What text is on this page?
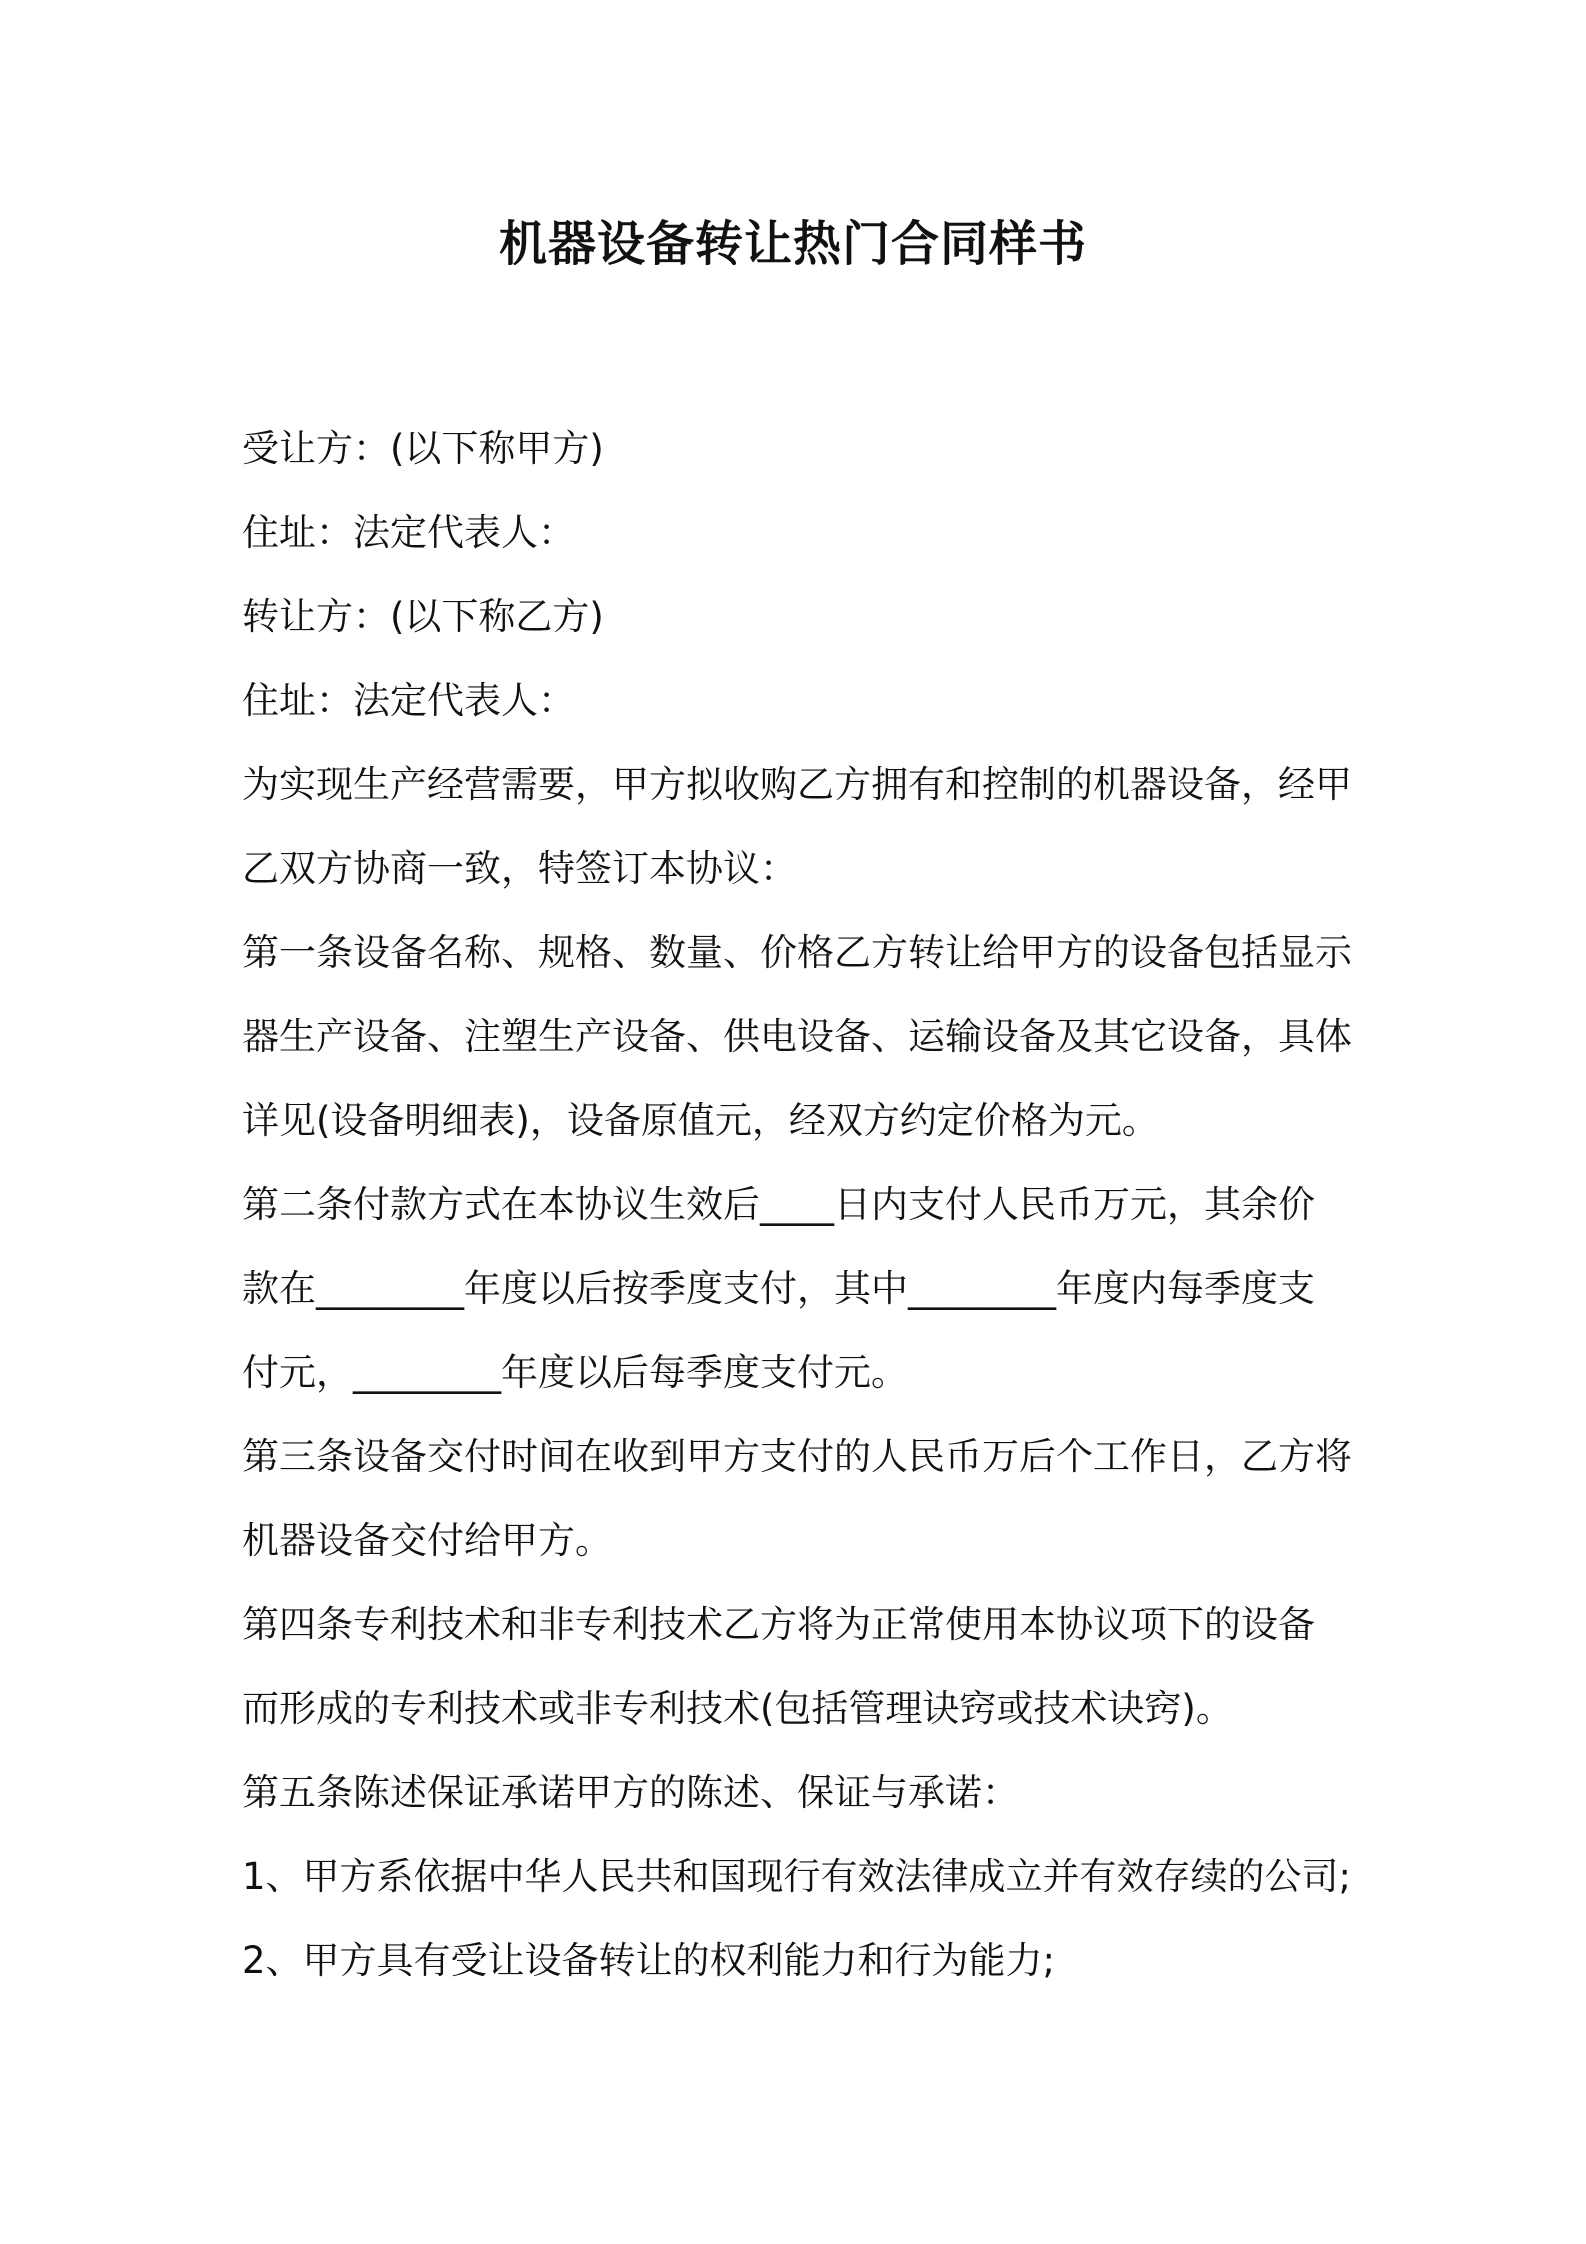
机器设备转让热门合同样书

受让方：(以下称甲方)

住址：法定代表人：

转让方：(以下称乙方)

住址：法定代表人：

为实现生产经营需要，甲方拟收购乙方拥有和控制的机器设备，经甲

乙双方协商一致，特签订本协议：

第一条设备名称、规格、数量、价格乙方转让给甲方的设备包括显示

器生产设备、注塑生产设备、供电设备、运输设备及其它设备，具体

详见(设备明细表)，设备原值元，经双方约定价格为元。

第二条付款方式在本协议生效后____日内支付人民币万元，其余价

款在________年度以后按季度支付，其中________年度内每季度支

付元，________年度以后每季度支付元。

第三条设备交付时间在收到甲方支付的人民币万后个工作日，乙方将

机器设备交付给甲方。

第四条专利技术和非专利技术乙方将为正常使用本协议项下的设备

而形成的专利技术或非专利技术(包括管理诀窍或技术诀窍)。

第五条陈述保证承诺甲方的陈述、保证与承诺：

1、甲方系依据中华人民共和国现行有效法律成立并有效存续的公司;

2、甲方具有受让设备转让的权利能力和行为能力;
